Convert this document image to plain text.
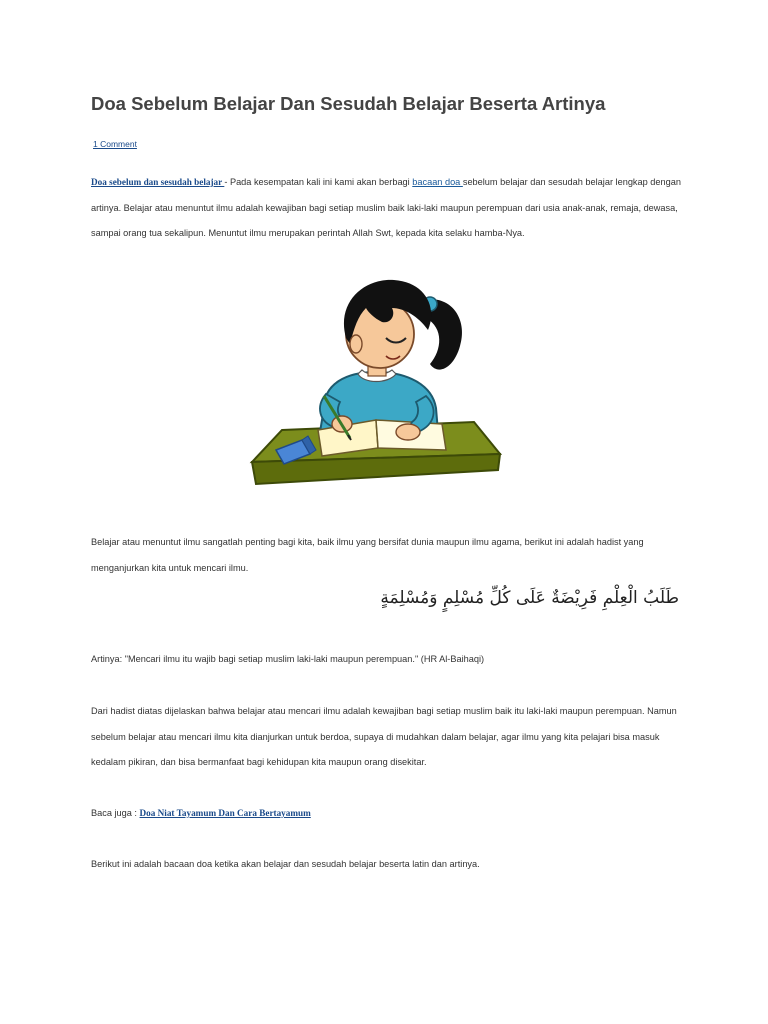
Doa Sebelum Belajar Dan Sesudah Belajar Beserta Artinya
1 Comment

Doa sebelum dan sesudah belajar - Pada kesempatan kali ini kami akan berbagi bacaan doa sebelum belajar dan sesudah belajar lengkap dengan artinya. Belajar atau menuntut ilmu adalah kewajiban bagi setiap muslim baik laki-laki maupun perempuan dari usia anak-anak, remaja, dewasa, sampai orang tua sekalipun. Menuntut ilmu merupakan perintah Allah Swt, kepada kita selaku hamba-Nya.

Belajar atau menuntut ilmu sangatlah penting bagi kita, baik ilmu yang bersifat dunia maupun ilmu agama, berikut ini adalah hadist yang menganjurkan kita untuk mencari ilmu.

طَلَبُ الْعِلْمِ فَرِيْضَةٌ عَلَى كُلِّ مُسْلِمٍ وَمُسْلِمَةٍ

Artinya: "Mencari ilmu itu wajib bagi setiap muslim laki-laki maupun perempuan." (HR Al-Baihaqi)

Dari hadist diatas dijelaskan bahwa belajar atau mencari ilmu adalah kewajiban bagi setiap muslim baik itu laki-laki maupun perempuan. Namun sebelum belajar atau mencari ilmu kita dianjurkan untuk berdoa, supaya di mudahkan dalam belajar, agar ilmu yang kita pelajari bisa masuk kedalam pikiran, dan bisa bermanfaat bagi kehidupan kita maupun orang disekitar.

Baca juga : Doa Niat Tayamum Dan Cara Bertayamum

Berikut ini adalah bacaan doa ketika akan belajar dan sesudah belajar beserta latin dan artinya.
